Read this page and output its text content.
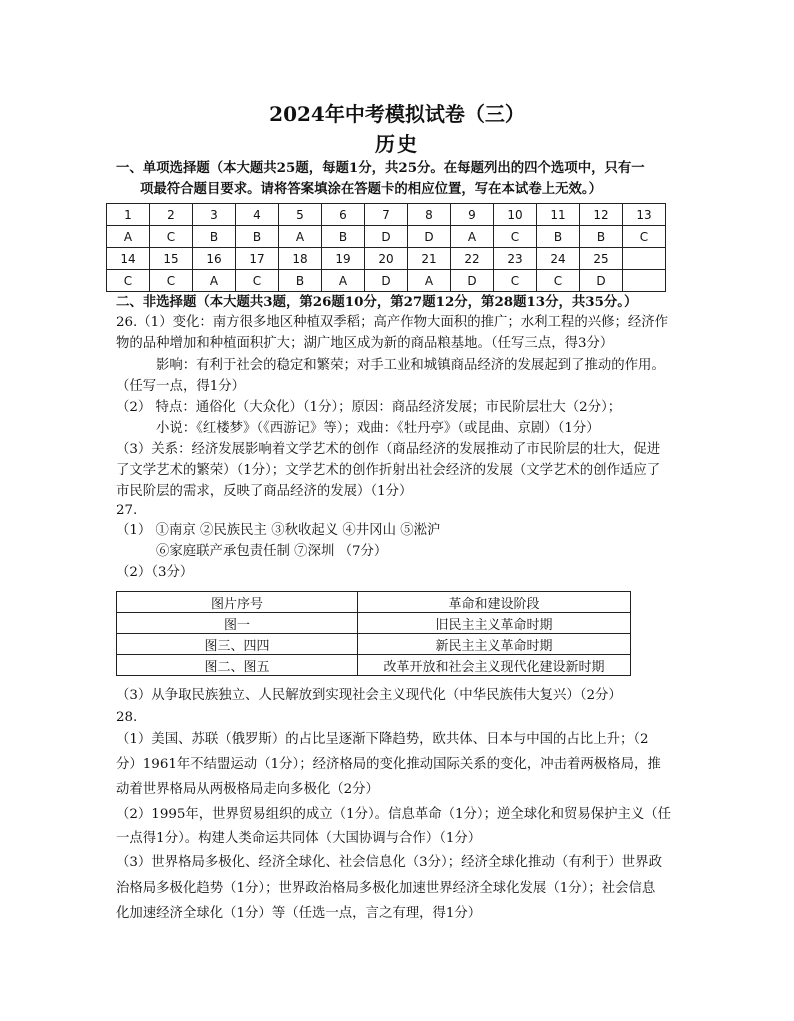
2024年中考模拟试卷（三）
历史
一、单项选择题（本大题共25题，每题1分，共25分。在每题列出的四个选项中，只有一
项最符合题目要求。请将答案填涂在答题卡的相应位置，写在本试卷上无效。）
1	2	3	4	5	6	7	8	9	10	11	12	13
A	C	B	B	A	B	D	D	A	C	B	B	C
14	15	16	17	18	19	20	21	22	23	24	25	
C	C	A	C	B	A	D	A	D	C	C	D	
二、非选择题（本大题共3题，第26题10分，第27题12分，第28题13分，共35分。）
26.（1）变化：南方很多地区种植双季稻；高产作物大面积的推广；水利工程的兴修；经济作
物的品种增加和种植面积扩大；湖广地区成为新的商品粮基地。（任写三点，得3分）
影响：有利于社会的稳定和繁荣；对手工业和城镇商品经济的发展起到了推动的作用。
（任写一点，得1分）
（2） 特点：通俗化（大众化）（1分）；原因：商品经济发展；市民阶层壮大（2分）；
小说：《红楼梦》（《西游记》等）；戏曲：《牡丹亭》（或昆曲、京剧）（1分）
（3）关系：经济发展影响着文学艺术的创作（商品经济的发展推动了市民阶层的壮大，促进
了文学艺术的繁荣）（1分）；文学艺术的创作折射出社会经济的发展（文学艺术的创作适应了
市民阶层的需求，反映了商品经济的发展）（1分）
27.
（1） ①南京 ②民族民主 ③秋收起义 ④井冈山 ⑤淞沪
⑥家庭联产承包责任制 ⑦深圳 （7分）
（2）（3分）
图片序号	革命和建设阶段
图一	旧民主主义革命时期
图三、四四	新民主主义革命时期
图二、图五	改革开放和社会主义现代化建设新时期
（3）从争取民族独立、人民解放到实现社会主义现代化（中华民族伟大复兴）（2分）
28.
（1）美国、苏联（俄罗斯）的占比呈逐渐下降趋势，欧共体、日本与中国的占比上升；（2
分）1961年不结盟运动（1分）；经济格局的变化推动国际关系的变化，冲击着两极格局，推
动着世界格局从两极格局走向多极化（2分）
（2）1995年，世界贸易组织的成立（1分）。信息革命（1分）；逆全球化和贸易保护主义（任
一点得1分）。构建人类命运共同体（大国协调与合作）（1分）
（3）世界格局多极化、经济全球化、社会信息化（3分）；经济全球化推动（有利于）世界政
治格局多极化趋势（1分）；世界政治格局多极化加速世界经济全球化发展（1分）；社会信息
化加速经济全球化（1分）等（任选一点，言之有理，得1分）
